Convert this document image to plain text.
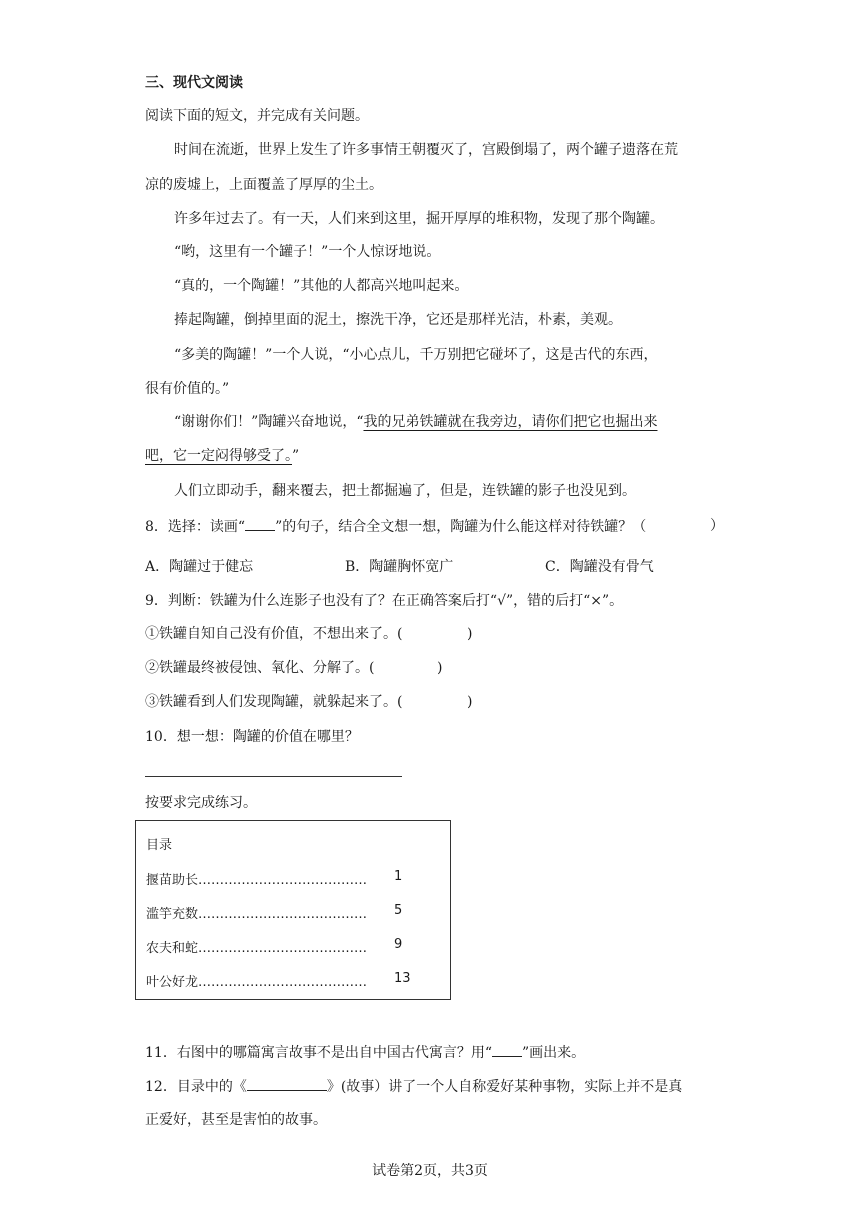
三、现代文阅读
阅读下面的短文，并完成有关问题。
时间在流逝，世界上发生了许多事情王朝覆灭了，宫殿倒塌了，两个罐子遗落在荒
凉的废墟上，上面覆盖了厚厚的尘土。
许多年过去了。有一天，人们来到这里，掘开厚厚的堆积物，发现了那个陶罐。
“哟，这里有一个罐子！”一个人惊讶地说。
“真的，一个陶罐！”其他的人都高兴地叫起来。
捧起陶罐，倒掉里面的泥土，擦洗干净，它还是那样光洁，朴素，美观。
“多美的陶罐！”一个人说，“小心点儿，千万别把它碰坏了，这是古代的东西，
很有价值的。”
“谢谢你们！”陶罐兴奋地说，“我的兄弟铁罐就在我旁边，请你们把它也掘出来
吧，它一定闷得够受了。”
人们立即动手，翻来覆去，把土都掘遍了，但是，连铁罐的影子也没见到。
8．选择：读画“ ”的句子，结合全文想一想，陶罐为什么能这样对待铁罐？（	）
A．陶罐过于健忘	B．陶罐胸怀宽广	C．陶罐没有骨气
9．判断：铁罐为什么连影子也没有了？在正确答案后打“√”，错的后打“×”。
①铁罐自知自己没有价值，不想出来了。(	)
②铁罐最终被侵蚀、氧化、分解了。(	)
③铁罐看到人们发现陶罐，就躲起来了。(	)
10．想一想：陶罐的价值在哪里？
按要求完成练习。
目录
揠苗助长………………………………… 1
滥竽充数………………………………… 5
农夫和蛇………………………………… 9
叶公好龙………………………………… 13
11．右图中的哪篇寓言故事不是出自中国古代寓言？用“ ”画出来。
12．目录中的《	》(故事）讲了一个人自称爱好某种事物，实际上并不是真
正爱好，甚至是害怕的故事。
试卷第2页，共3页
